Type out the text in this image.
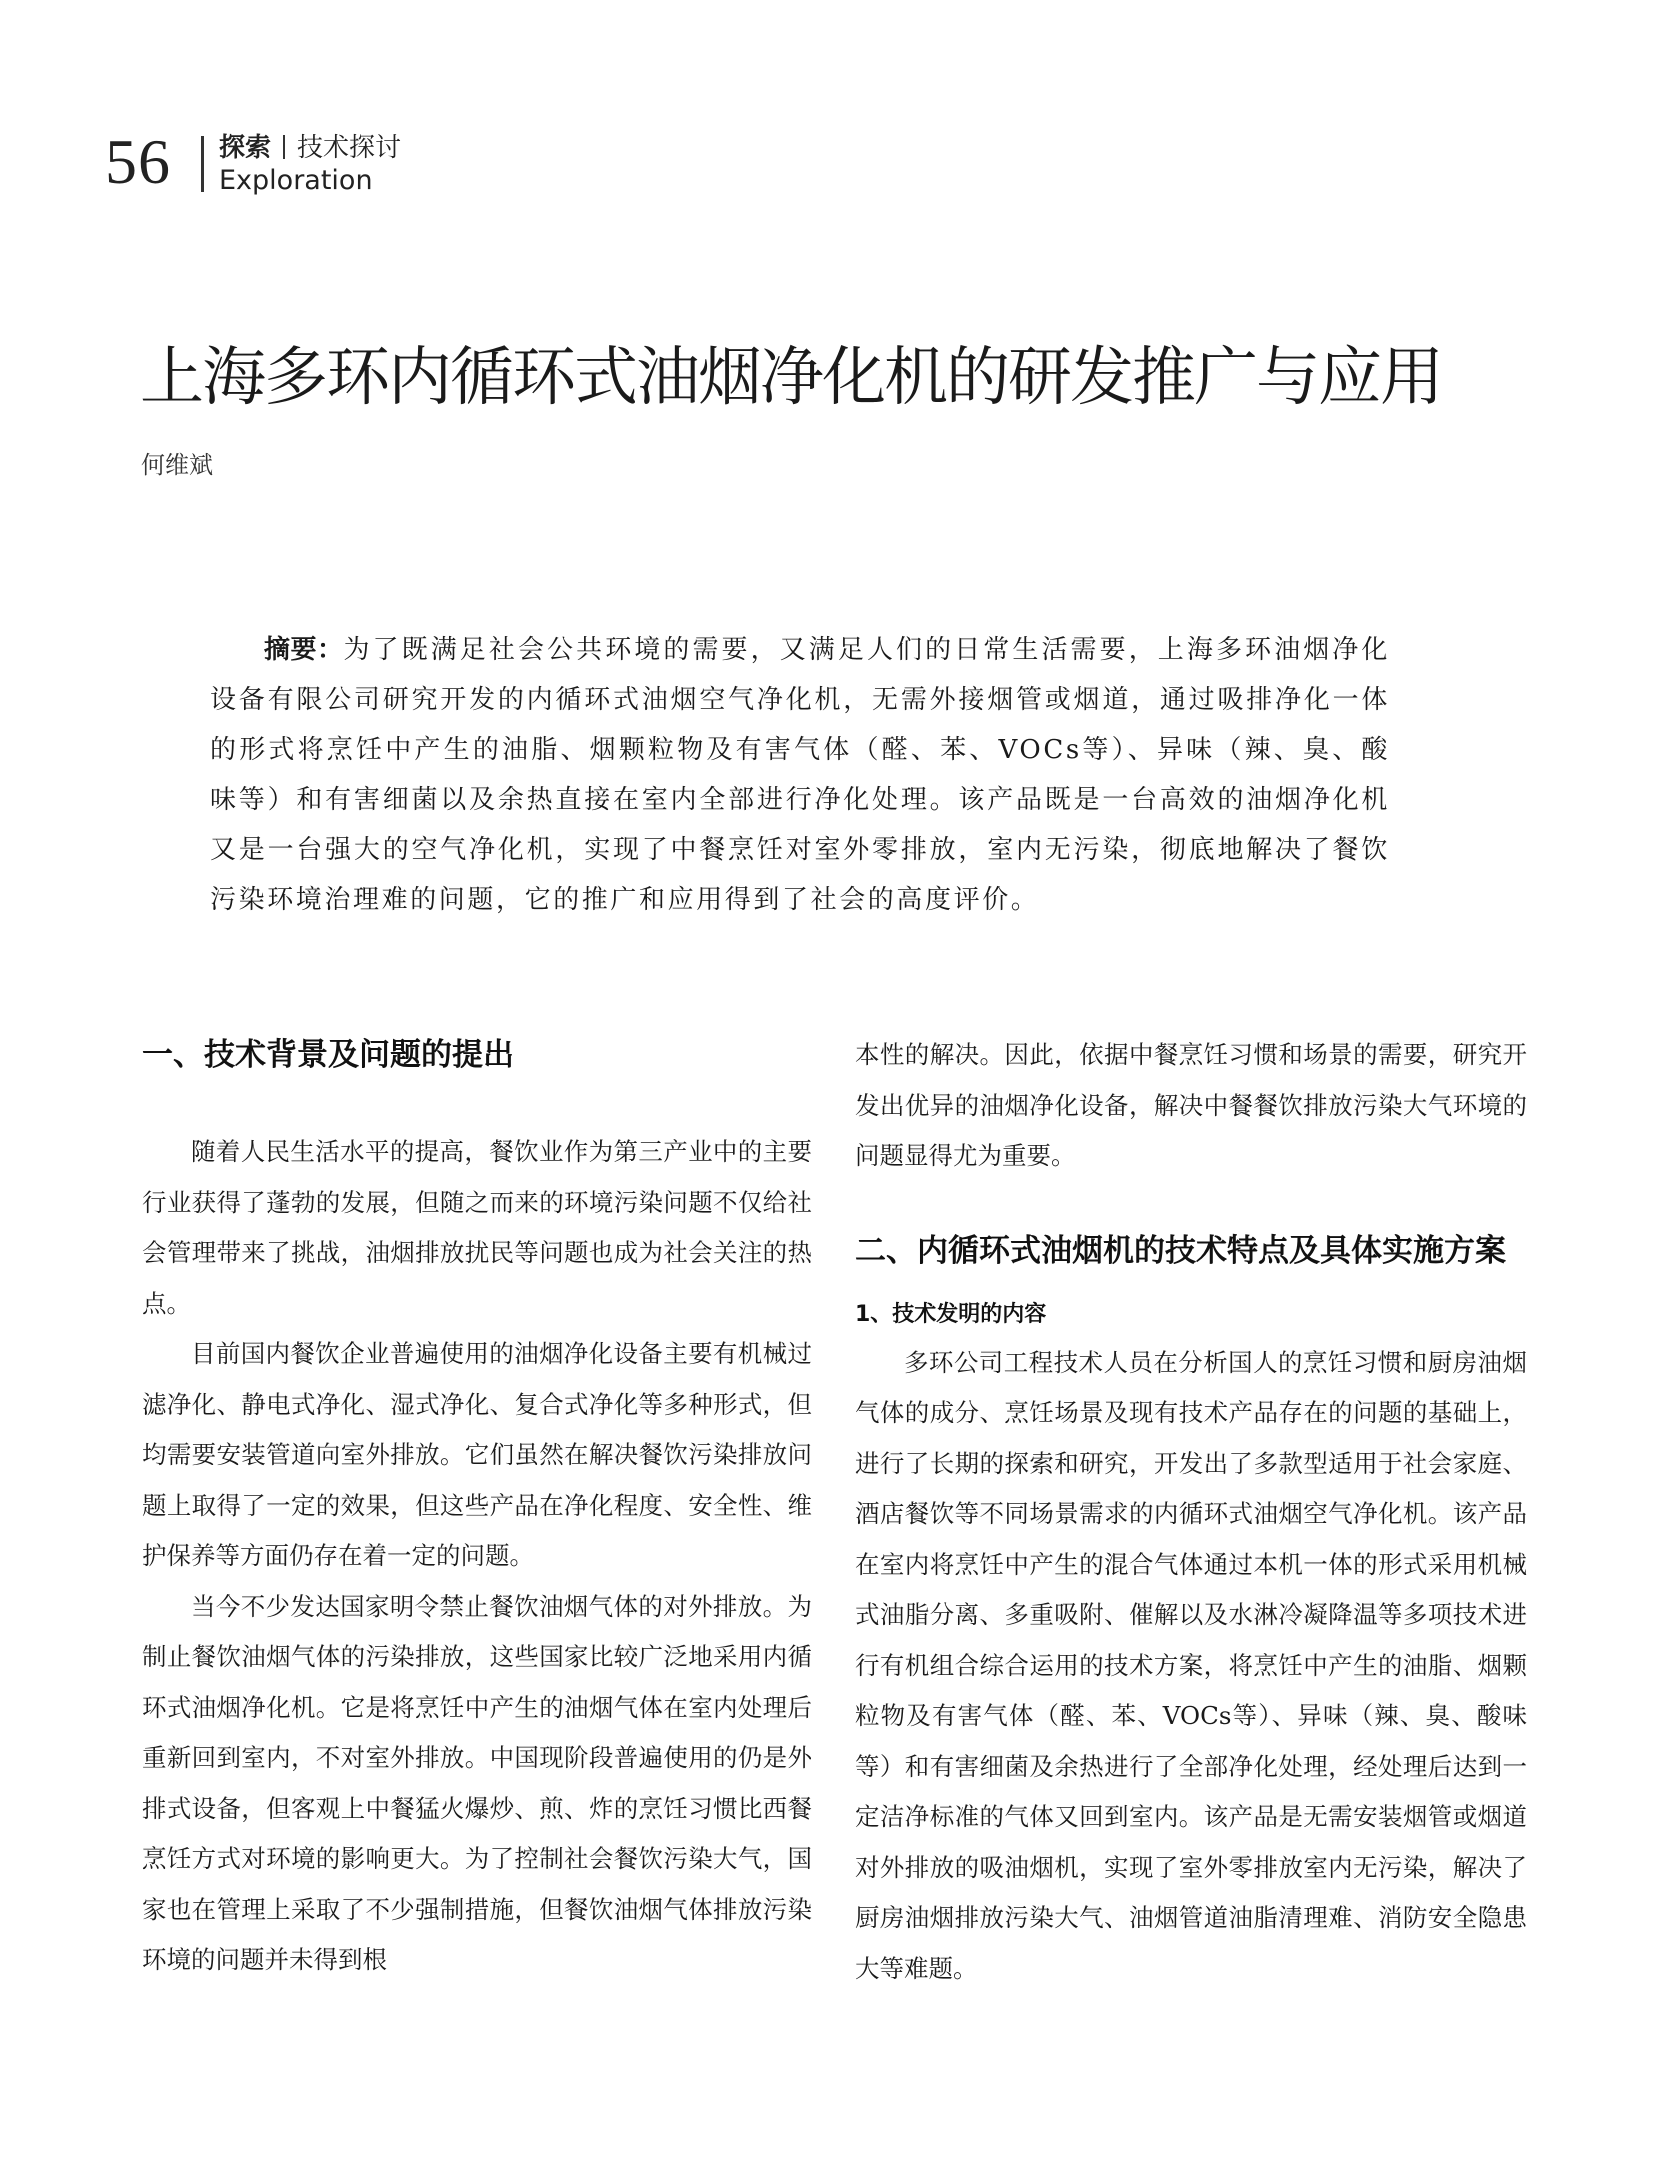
56 探索 技术探讨
Exploration
上海多环内循环式油烟净化机的研发推广与应用
何维斌

摘要：为了既满足社会公共环境的需要，又满足人们的日常生活需要，上海多环油烟净化设备有限公司研究开发的内循环式油烟空气净化机，无需外接烟管或烟道，通过吸排净化一体的形式将烹饪中产生的油脂、烟颗粒物及有害气体（醛、苯、VOCs等）、异味（辣、臭、酸味等）和有害细菌以及余热直接在室内全部进行净化处理。该产品既是一台高效的油烟净化机又是一台强大的空气净化机，实现了中餐烹饪对室外零排放，室内无污染，彻底地解决了餐饮污染环境治理难的问题，它的推广和应用得到了社会的高度评价。

一、技术背景及问题的提出

随着人民生活水平的提高，餐饮业作为第三产业中的主要行业获得了蓬勃的发展，但随之而来的环境污染问题不仅给社会管理带来了挑战，油烟排放扰民等问题也成为社会关注的热点。

目前国内餐饮企业普遍使用的油烟净化设备主要有机械过滤净化、静电式净化、湿式净化、复合式净化等多种形式，但均需要安装管道向室外排放。它们虽然在解决餐饮污染排放问题上取得了一定的效果，但这些产品在净化程度、安全性、维护保养等方面仍存在着一定的问题。

当今不少发达国家明令禁止餐饮油烟气体的对外排放。为制止餐饮油烟气体的污染排放，这些国家比较广泛地采用内循环式油烟净化机。它是将烹饪中产生的油烟气体在室内处理后重新回到室内，不对室外排放。中国现阶段普遍使用的仍是外排式设备，但客观上中餐猛火爆炒、煎、炸的烹饪习惯比西餐烹饪方式对环境的影响更大。为了控制社会餐饮污染大气，国家也在管理上采取了不少强制措施，但餐饮油烟气体排放污染环境的问题并未得到根

本性的解决。因此，依据中餐烹饪习惯和场景的需要，研究开发出优异的油烟净化设备，解决中餐餐饮排放污染大气环境的问题显得尤为重要。

二、内循环式油烟机的技术特点及具体实施方案
1、技术发明的内容

多环公司工程技术人员在分析国人的烹饪习惯和厨房油烟气体的成分、烹饪场景及现有技术产品存在的问题的基础上，进行了长期的探索和研究，开发出了多款型适用于社会家庭、酒店餐饮等不同场景需求的内循环式油烟空气净化机。该产品在室内将烹饪中产生的混合气体通过本机一体的形式采用机械式油脂分离、多重吸附、催解以及水淋冷凝降温等多项技术进行有机组合综合运用的技术方案，将烹饪中产生的油脂、烟颗粒物及有害气体（醛、苯、VOCs等）、异味（辣、臭、酸味等）和有害细菌及余热进行了全部净化处理，经处理后达到一定洁净标准的气体又回到室内。该产品是无需安装烟管或烟道对外排放的吸油烟机，实现了室外零排放室内无污染，解决了厨房油烟排放污染大气、油烟管道油脂清理难、消防安全隐患大等难题。
